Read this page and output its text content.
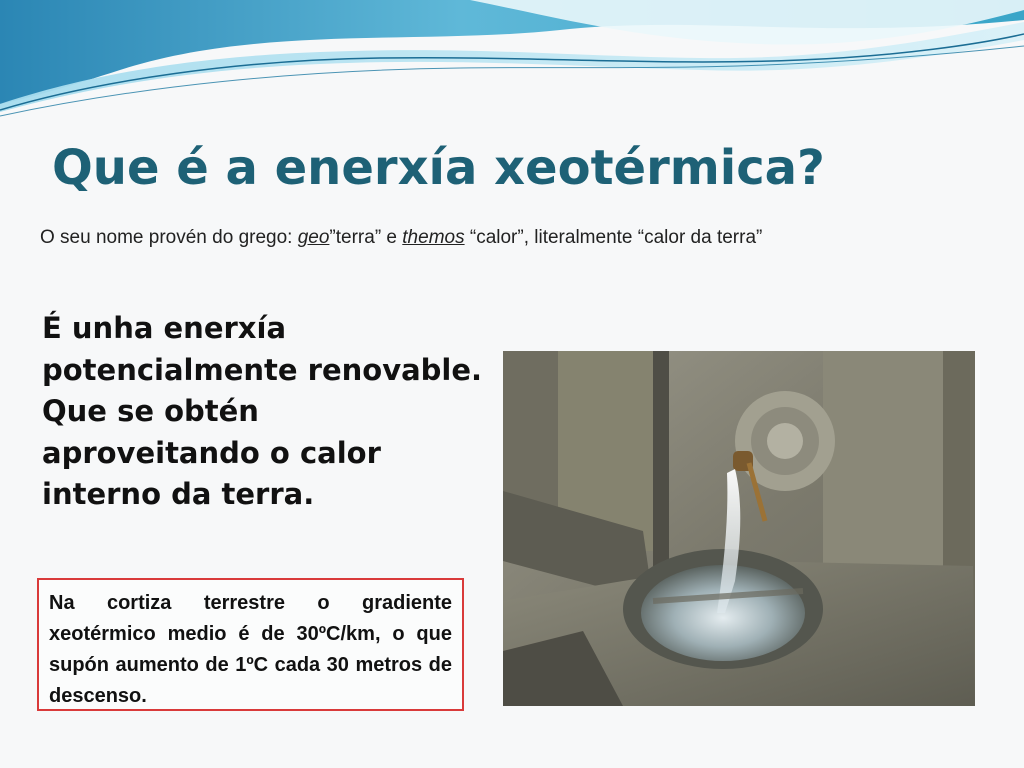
Que é a enerxía xeotérmica?

O seu nome provén do grego: geo”terra” e themos “calor”, literalmente “calor da terra”

É unha enerxía
potencialmente renovable.
Que se obtén
aproveitando o calor
interno da terra.

Na cortiza terrestre o gradiente xeotérmico medio é de 30ºC/km, o que supón aumento de 1ºC cada 30 metros de descenso.
